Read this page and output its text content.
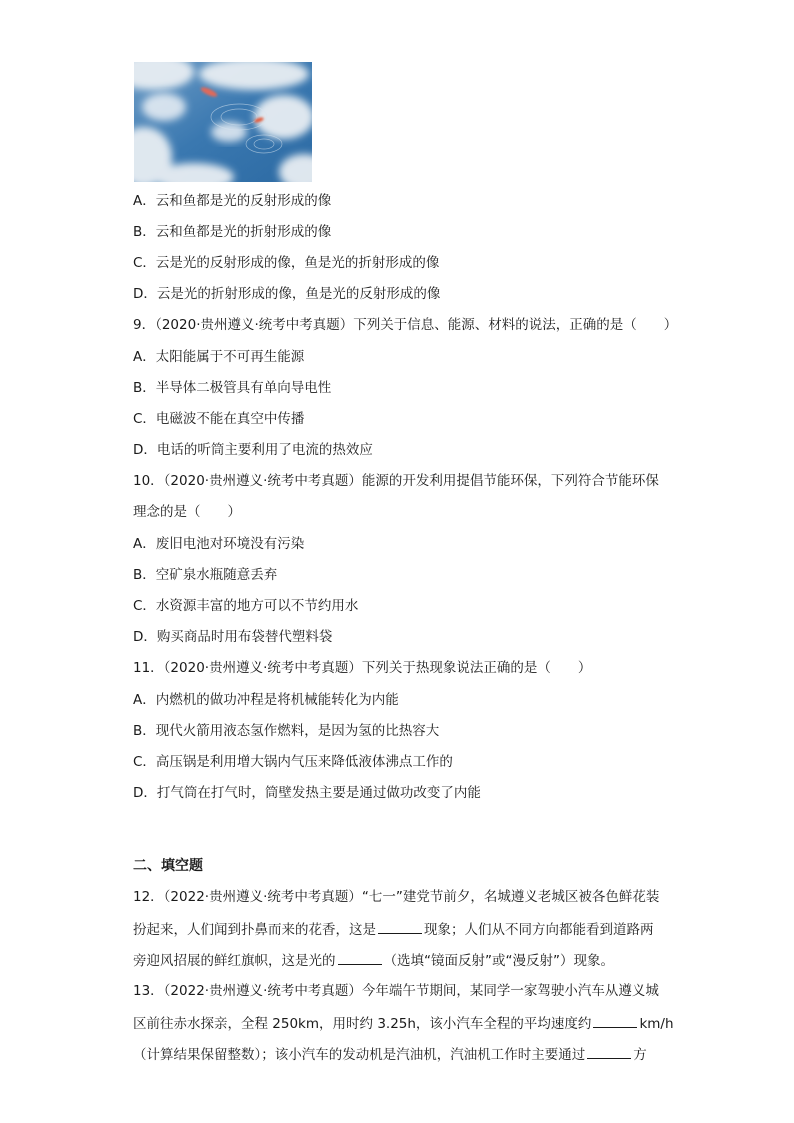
A．云和鱼都是光的反射形成的像
B．云和鱼都是光的折射形成的像
C．云是光的反射形成的像，鱼是光的折射形成的像
D．云是光的折射形成的像，鱼是光的反射形成的像
9．（2020·贵州遵义·统考中考真题）下列关于信息、能源、材料的说法，正确的是（　　）
A．太阳能属于不可再生能源
B．半导体二极管具有单向导电性
C．电磁波不能在真空中传播
D．电话的听筒主要利用了电流的热效应
10．（2020·贵州遵义·统考中考真题）能源的开发利用提倡节能环保，下列符合节能环保
理念的是（　　）
A．废旧电池对环境没有污染
B．空矿泉水瓶随意丢弃
C．水资源丰富的地方可以不节约用水
D．购买商品时用布袋替代塑料袋
11．（2020·贵州遵义·统考中考真题）下列关于热现象说法正确的是（　　）
A．内燃机的做功冲程是将机械能转化为内能
B．现代火箭用液态氢作燃料，是因为氢的比热容大
C．高压锅是利用增大锅内气压来降低液体沸点工作的
D．打气筒在打气时，筒壁发热主要是通过做功改变了内能
二、填空题
12．（2022·贵州遵义·统考中考真题）“七一”建党节前夕，名城遵义老城区被各色鲜花装
扮起来，人们闻到扑鼻而来的花香，这是	现象；人们从不同方向都能看到道路两
旁迎风招展的鲜红旗帜，这是光的	（选填“镜面反射”或“漫反射”）现象。
13．（2022·贵州遵义·统考中考真题）今年端午节期间，某同学一家驾驶小汽车从遵义城
区前往赤水探亲，全程 250km，用时约 3.25h，该小汽车全程的平均速度约	km/h
（计算结果保留整数）；该小汽车的发动机是汽油机，汽油机工作时主要通过	方
